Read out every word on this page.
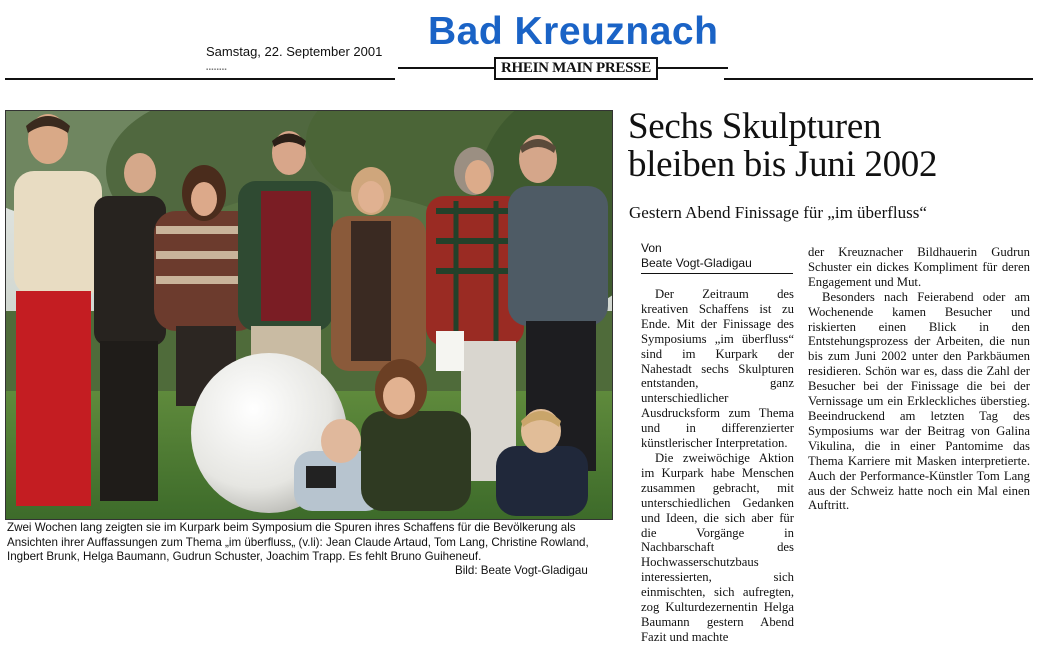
Samstag, 22. September 2001
▪▪▪▪▪▪▪▪
Bad Kreuznach
RHEIN MAIN PRESSE
Zwei Wochen lang zeigten sie im Kurpark beim Symposium die Spuren ihres Schaffens für die Bevölkerung als Ansichten ihrer Auffassungen zum Thema „im überfluss„ (v.li): Jean Claude Artaud, Tom Lang, Christine Rowland, Ingbert Brunk, Helga Baumann, Gudrun Schuster, Joachim Trapp. Es fehlt Bruno Guiheneuf.
Bild: Beate Vogt-Gladigau
Sechs Skulpturen
bleiben bis Juni 2002
Gestern Abend Finissage für „im überfluss“
Von
Beate Vogt-Gladigau

Der Zeitraum des kreativen Schaffens ist zu Ende. Mit der Finissage des Symposiums „im überfluss“ sind im Kurpark der Nahestadt sechs Skulpturen entstanden, ganz unterschiedlicher Ausdrucksform zum Thema und in differenzierter künstlerischer Interpretation.

Die zweiwöchige Aktion im Kurpark habe Menschen zusammen gebracht, mit unterschiedlichen Gedanken und Ideen, die sich aber für die Vorgänge in Nachbarschaft des Hochwasserschutzbaus interessierten, sich einmischten, sich aufregten, zog Kulturdezernentin Helga Baumann gestern Abend Fazit und machte

der Kreuznacher Bildhauerin Gudrun Schuster ein dickes Kompliment für deren Engagement und Mut.

Besonders nach Feierabend oder am Wochenende kamen Besucher und riskierten einen Blick in den Entstehungsprozess der Arbeiten, die nun bis zum Juni 2002 unter den Parkbäumen residieren. Schön war es, dass die Zahl der Besucher bei der Finissage die bei der Vernissage um ein Erkleckliches überstieg. Beeindruckend am letzten Tag des Symposiums war der Beitrag von Galina Vikulina, die in einer Pantomime das Thema Karriere mit Masken interpretierte. Auch der Performance-Künstler Tom Lang aus der Schweiz hatte noch ein Mal einen Auftritt.
